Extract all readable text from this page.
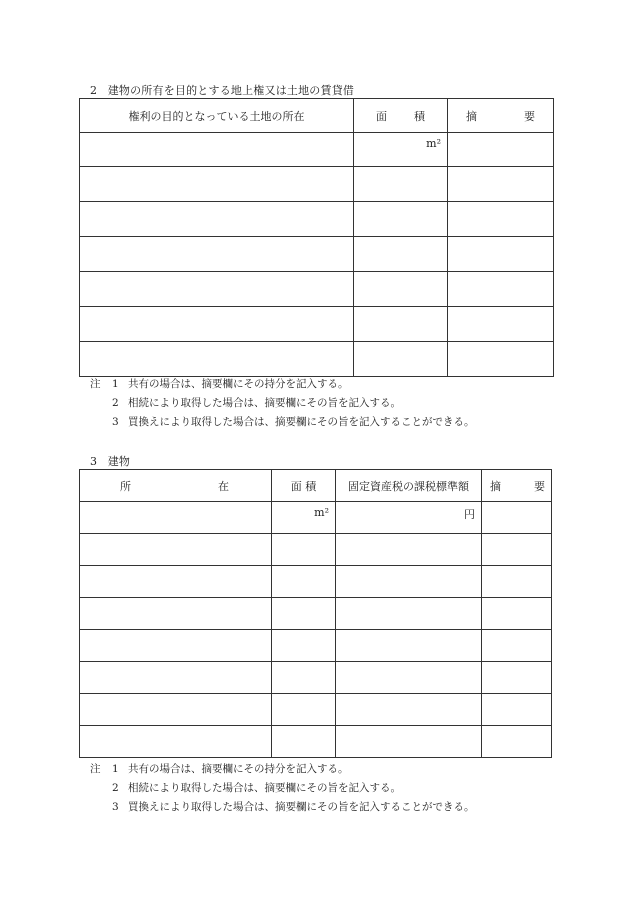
2 建物の所有を目的とする地上権又は土地の賃貸借
権利の目的となっている土地の所在	面 積	摘 要

	m²	

注	1 共有の場合は、摘要欄にその持分を記入する。
2 相続により取得した場合は、摘要欄にその旨を記入する。
3 買換えにより取得した場合は、摘要欄にその旨を記入することができる。
3 建物
所 在	面 積	固定資産税の課税標準額	摘 要

	m²	円	

注	1 共有の場合は、摘要欄にその持分を記入する。
2 相続により取得した場合は、摘要欄にその旨を記入する。
3 買換えにより取得した場合は、摘要欄にその旨を記入することができる。
